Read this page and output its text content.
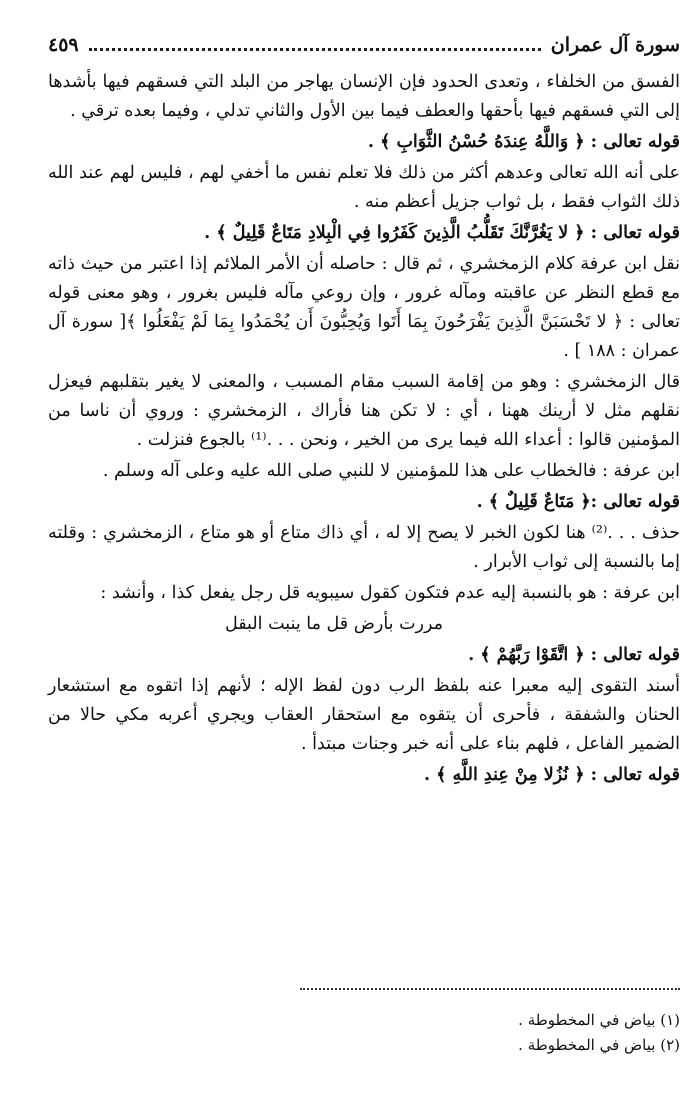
سورة آل عمران
٤٥٩

الفسق من الخلفاء ، وتعدى الحدود فإن الإنسان يهاجر من البلد التي فسقهم فيها بأشدها إلى التي فسقهم فيها بأحقها والعطف فيما بين الأول والثاني تدلي ، وفيما بعده ترقي .

قوله تعالى : ﴿ وَاللَّهُ عِندَهُ حُسْنُ الثَّوَابِ ﴾ .

على أنه الله تعالى وعدهم أكثر من ذلك فلا تعلم نفس ما أخفي لهم ، فليس لهم عند الله ذلك الثواب فقط ، بل ثواب جزيل أعظم منه .

قوله تعالى : ﴿ لا يَغُرَّنَّكَ تَقَلُّبُ الَّذِينَ كَفَرُوا فِي الْبِلادِ مَتَاعٌ قَلِيلٌ ﴾ .

نقل ابن عرفة كلام الزمخشري ، ثم قال : حاصله أن الأمر الملائم إذا اعتبر من حيث ذاته مع قطع النظر عن عاقبته ومآله غرور ، وإن روعي مآله فليس بغرور ، وهو معنى قوله تعالى : ﴿ لا تَحْسَبَنَّ الَّذِينَ يَفْرَحُونَ بِمَا أَتَوا وَيُحِبُّونَ أَن يُحْمَدُوا بِمَا لَمْ يَفْعَلُوا ﴾[ سورة آل عمران : ١٨٨ ] .

قال الزمخشري : وهو من إقامة السبب مقام المسبب ، والمعنى لا يغير بتقلبهم فيعزل نقلهم مثل لا أرينك ههنا ، أي : لا تكن هنا فأراك ، الزمخشري : وروي أن ناسا من المؤمنين قالوا : أعداء الله فيما يرى من الخير ، ونحن . . .⁽¹⁾ بالجوع فنزلت .

ابن عرفة : فالخطاب على هذا للمؤمنين لا للنبي صلى الله عليه وعلى آله وسلم .

قوله تعالى :﴿ مَتَاعٌ قَلِيلٌ ﴾ .

حذف . . .⁽²⁾ هنا لكون الخبر لا يصح إلا له ، أي ذاك متاع أو هو متاع ، الزمخشري : وقلته إما بالنسبة إلى ثواب الأبرار .

ابن عرفة : هو بالنسبة إليه عدم فتكون كقول سيبويه قل رجل يفعل كذا ، وأنشد :

مررت بأرض قل ما ينبت البقل

قوله تعالى : ﴿ اتَّقَوْا رَبَّهُمْ ﴾ .

أسند التقوى إليه معبرا عنه بلفظ الرب دون لفظ الإله ؛ لأنهم إذا اتقوه مع استشعار الحنان والشفقة ، فأحرى أن يتقوه مع استحقار العقاب ويجري أعربه مكي حالا من الضمير الفاعل ، فلهم بناء على أنه خبر وجنات مبتدأ .

قوله تعالى : ﴿ نُزُلا مِنْ عِندِ اللَّهِ ﴾ .

(١) بياض في المخطوطة .
(٢) بياض في المخطوطة .
